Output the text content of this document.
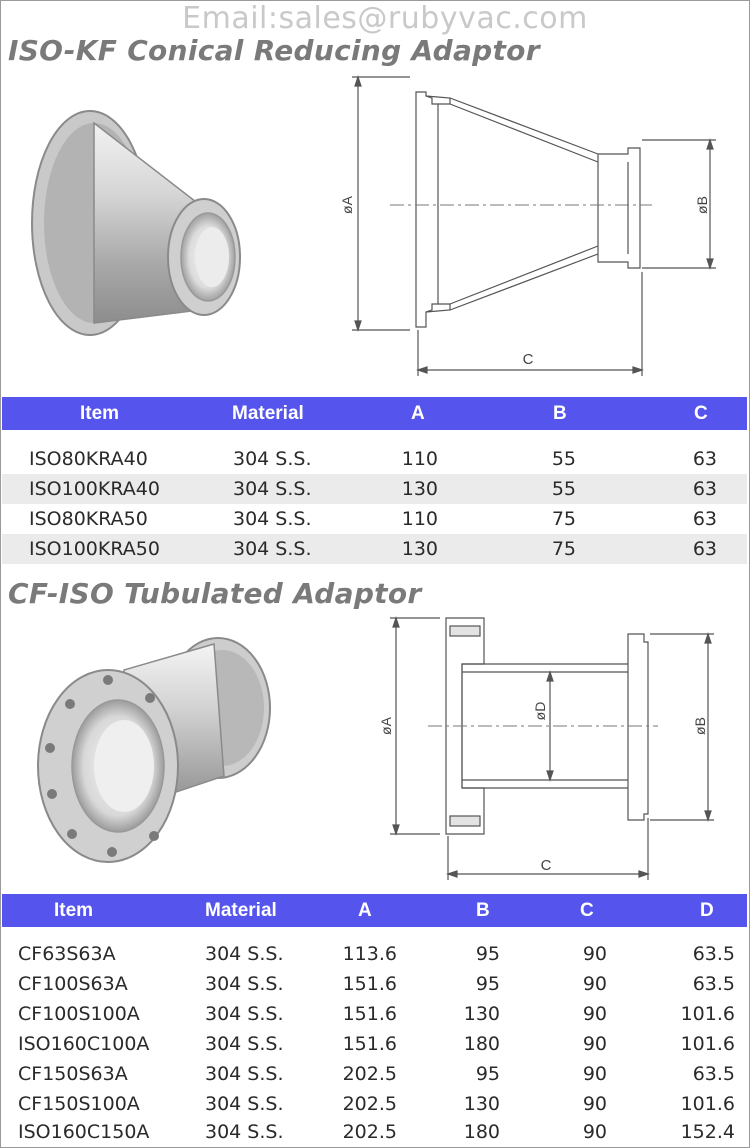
Email:sales@rubyvac.com
ISO-KF Conical Reducing Adaptor
øA	øB
C
Item	Material	A	B	C
ISO80KRA40	304 S.S.	110	55	63
ISO100KRA40	304 S.S.	130	55	63
ISO80KRA50	304 S.S.	110	75	63
ISO100KRA50	304 S.S.	130	75	63
CF-ISO Tubulated Adaptor
øA
øD
øB
C
Item	Material	A	B	C	D
CF63S63A	304 S.S.	113.6	95	90	63.5
CF100S63A	304 S.S.	151.6	95	90	63.5
CF100S100A	304 S.S.	151.6	130	90	101.6
ISO160C100A	304 S.S.	151.6	180	90	101.6
CF150S63A	304 S.S.	202.5	95	90	63.5
CF150S100A	304 S.S.	202.5	130	90	101.6
ISO160C150A	304 S.S.	202.5	180	90	152.4
